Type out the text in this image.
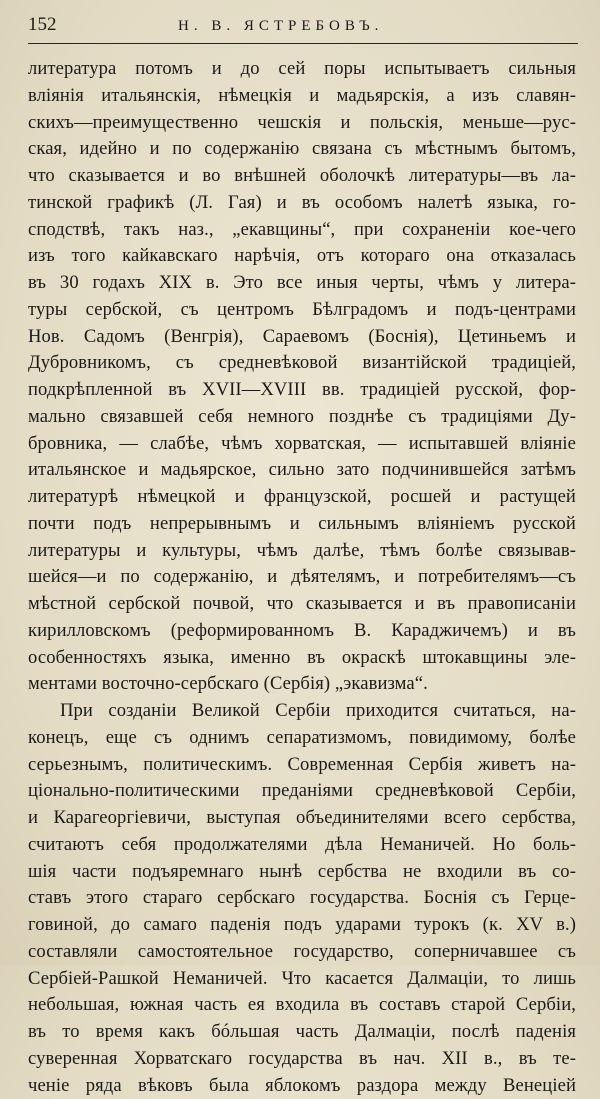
152	Н. В. ЯСТРЕБОВЪ.
литература потомъ и до сей поры испытываетъ сильныя
вліянія итальянскія, нѣмецкія и мадьярскія, а изъ славян-
скихъ—преимущественно чешскія и польскія, меньше—рус-
ская, идейно и по содержанію связана съ мѣстнымъ бытомъ,
что сказывается и во внѣшней оболочкѣ литературы—въ ла-
тинской графикѣ (Л. Гая) и въ особомъ налетѣ языка, го-
сподствѣ, такъ наз., „екавщины“, при сохраненіи кое-чего
изъ того кайкавскаго нарѣчія, отъ котораго она отказалась
въ 30 годахъ XIX в. Это все иныя черты, чѣмъ у литера-
туры сербской, съ центромъ Бѣлградомъ и подъ-центрами
Нов. Садомъ (Венгрія), Сараевомъ (Боснія), Цетиньемъ и
Дубровникомъ, съ средневѣковой византійской традиціей,
подкрѣпленной въ XVII—XVIII вв. традиціей русской, фор-
мально связавшей себя немного позднѣе съ традиціями Ду-
бровника, — слабѣе, чѣмъ хорватская, — испытавшей вліяніе
итальянское и мадьярское, сильно зато подчинившейся затѣмъ
литературѣ нѣмецкой и французской, росшей и растущей
почти подъ непрерывнымъ и сильнымъ вліяніемъ русской
литературы и культуры, чѣмъ далѣе, тѣмъ болѣе связывав-
шейся—и по содержанію, и дѣятелямъ, и потребителямъ—съ
мѣстной сербской почвой, что сказывается и въ правописаніи
кирилловскомъ (реформированномъ В. Караджичемъ) и въ
особенностяхъ языка, именно въ окраскѣ штокавщины эле-
ментами восточно-сербскаго (Сербія) „экавизма“.
При созданіи Великой Сербіи приходится считаться, на-
конецъ, еще съ однимъ сепаратизмомъ, повидимому, болѣе
серьезнымъ, политическимъ. Современная Сербія живетъ на-
ціонально-политическими преданіями средневѣковой Сербіи,
и Карагеоргіевичи, выступая объединителями всего сербства,
считаютъ себя продолжателями дѣла Неманичей. Но боль-
шія части подъяремнаго нынѣ сербства не входили въ со-
ставъ этого стараго сербскаго государства. Боснія съ Герце-
говиной, до самаго паденія подъ ударами турокъ (к. XV в.)
составляли самостоятельное государство, соперничавшее съ
Сербіей-Рашкой Неманичей. Что касается Далмаціи, то лишь
небольшая, южная часть ея входила въ составъ старой Сербіи,
въ то время какъ бóльшая часть Далмаціи, послѣ паденія
суверенная Хорватскаго государства въ нач. XII в., въ те-
ченіе ряда вѣковъ была яблокомъ раздора между Венеціей
